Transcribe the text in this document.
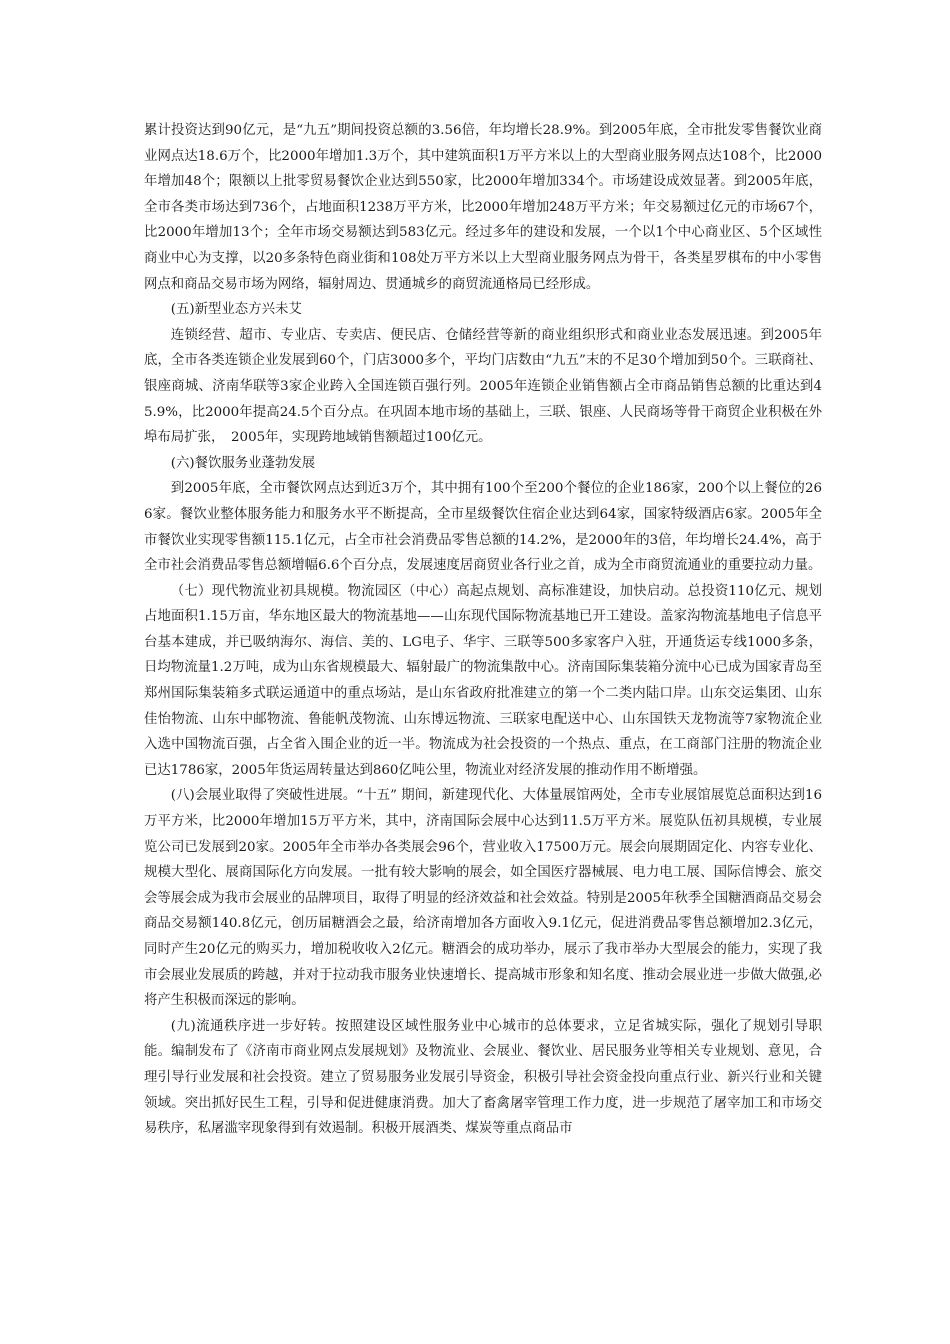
累计投资达到90亿元，是“九五”期间投资总额的3.56倍，年均增长28.9%。到2005年底，全市批发零售餐饮业商业网点达18.6万个，比2000年增加1.3万个，其中建筑面积1万平方米以上的大型商业服务网点达108个，比2000年增加48个；限额以上批零贸易餐饮企业达到550家，比2000年增加334个。市场建设成效显著。到2005年底，全市各类市场达到736个，占地面积1238万平方米，比2000年增加248万平方米；年交易额过亿元的市场67个，比2000年增加13个；全年市场交易额达到583亿元。经过多年的建设和发展，一个以1个中心商业区、5个区域性商业中心为支撑，以20多条特色商业街和108处万平方米以上大型商业服务网点为骨干，各类星罗棋布的中小零售网点和商品交易市场为网络，辐射周边、贯通城乡的商贸流通格局已经形成。

(五)新型业态方兴未艾

连锁经营、超市、专业店、专卖店、便民店、仓储经营等新的商业组织形式和商业业态发展迅速。到2005年底，全市各类连锁企业发展到60个，门店3000多个，平均门店数由“九五”末的不足30个增加到50个。三联商社、银座商城、济南华联等3家企业跨入全国连锁百强行列。2005年连锁企业销售额占全市商品销售总额的比重达到45.9%，比2000年提高24.5个百分点。在巩固本地市场的基础上，三联、银座、人民商场等骨干商贸企业积极在外埠布局扩张，　2005年，实现跨地域销售额超过100亿元。

(六)餐饮服务业蓬勃发展

到2005年底，全市餐饮网点达到近3万个，其中拥有100个至200个餐位的企业186家，200个以上餐位的266家。餐饮业整体服务能力和服务水平不断提高，全市星级餐饮住宿企业达到64家，国家特级酒店6家。2005年全市餐饮业实现零售额115.1亿元，占全市社会消费品零售总额的14.2%，是2000年的3倍，年均增长24.4%，高于全市社会消费品零售总额增幅6.6个百分点，发展速度居商贸业各行业之首，成为全市商贸流通业的重要拉动力量。

（七）现代物流业初具规模。物流园区（中心）高起点规划、高标准建设，加快启动。总投资110亿元、规划占地面积1.15万亩，华东地区最大的物流基地——山东现代国际物流基地已开工建设。盖家沟物流基地电子信息平台基本建成，并已吸纳海尔、海信、美的、LG电子、华宇、三联等500多家客户入驻，开通货运专线1000多条，日均物流量1.2万吨，成为山东省规模最大、辐射最广的物流集散中心。济南国际集装箱分流中心已成为国家青岛至郑州国际集装箱多式联运通道中的重点场站，是山东省政府批准建立的第一个二类内陆口岸。山东交运集团、山东佳怡物流、山东中邮物流、鲁能帆茂物流、山东博远物流、三联家电配送中心、山东国铁天龙物流等7家物流企业入选中国物流百强，占全省入围企业的近一半。物流成为社会投资的一个热点、重点，在工商部门注册的物流企业已达1786家，2005年货运周转量达到860亿吨公里，物流业对经济发展的推动作用不断增强。

(八)会展业取得了突破性进展。“十五” 期间，新建现代化、大体量展馆两处，全市专业展馆展览总面积达到16万平方米，比2000年增加15万平方米，其中，济南国际会展中心达到11.5万平方米。展览队伍初具规模，专业展览公司已发展到20家。2005年全市举办各类展会96个，营业收入17500万元。展会向展期固定化、内容专业化、规模大型化、展商国际化方向发展。一批有较大影响的展会，如全国医疗器械展、电力电工展、国际信博会、旅交会等展会成为我市会展业的品牌项目，取得了明显的经济效益和社会效益。特别是2005年秋季全国糖酒商品交易会商品交易额140.8亿元，创历届糖酒会之最，给济南增加各方面收入9.1亿元，促进消费品零售总额增加2.3亿元，同时产生20亿元的购买力，增加税收收入2亿元。糖酒会的成功举办，展示了我市举办大型展会的能力，实现了我市会展业发展质的跨越，并对于拉动我市服务业快速增长、提高城市形象和知名度、推动会展业进一步做大做强,必将产生积极而深远的影响。

(九)流通秩序进一步好转。按照建设区域性服务业中心城市的总体要求，立足省城实际，强化了规划引导职能。编制发布了《济南市商业网点发展规划》及物流业、会展业、餐饮业、居民服务业等相关专业规划、意见，合理引导行业发展和社会投资。建立了贸易服务业发展引导资金，积极引导社会资金投向重点行业、新兴行业和关键领域。突出抓好民生工程，引导和促进健康消费。加大了畜禽屠宰管理工作力度，进一步规范了屠宰加工和市场交易秩序，私屠滥宰现象得到有效遏制。积极开展酒类、煤炭等重点商品市
